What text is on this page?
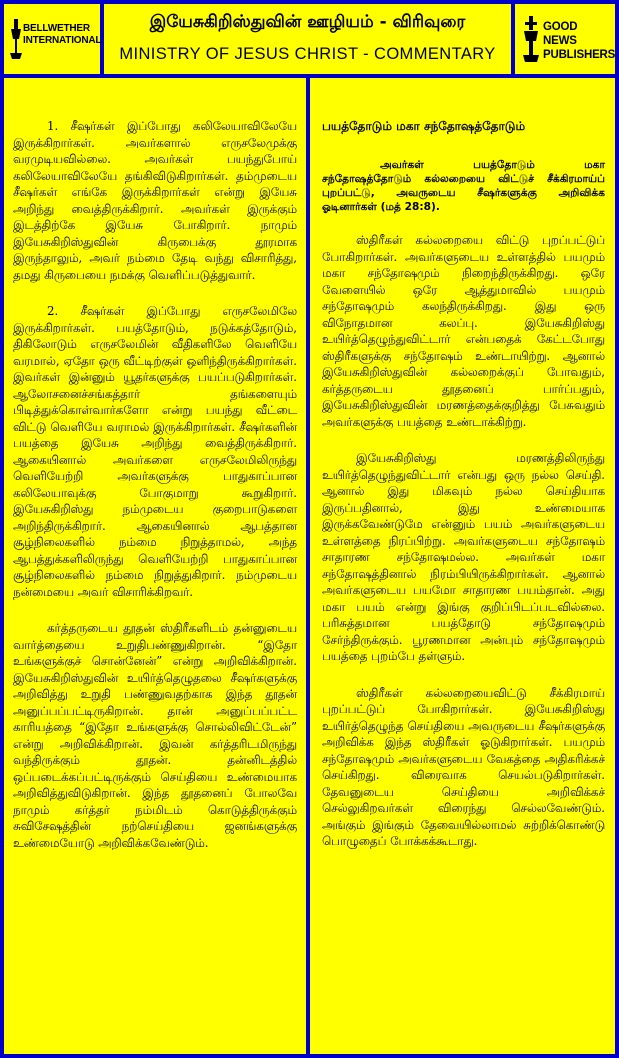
BELLWETHER INTERNATIONAL
இயேசுகிறிஸ்துவின் ஊழியம் - விரிவுரை
MINISTRY OF JESUS CHRIST - COMMENTARY
GOOD NEWS PUBLISHERS

1. சீஷர்கள் இப்போது கலிலேயாவிலேயே இருக்கிறார்கள். அவர்களால் எருசலேமுக்கு வரமுடியவில்லை. அவர்கள் பயந்துபோய் கலிலேயாவிலேயே தங்கிவிடுகிறார்கள். தம்முடைய சீஷர்கள் எங்கே இருக்கிறார்கள் என்று இயேசு அறிந்து வைத்திருக்கிறார். அவர்கள் இருக்கும் இடத்திற்கே இயேசு போகிறார். நாமும் இயேசுகிறிஸ்துவின் கிருபைக்கு தூரமாக இருந்தாலும், அவர் நம்மை தேடி வந்து விசாரித்து, தமது கிருபையை நமக்கு வெளிப்படுத்துவார்.

2. சீஷர்கள் இப்போது எருசலேமிலே இருக்கிறார்கள். பயத்தோடும், நடுக்கத்தோடும், திகிலோடும் எருசலேமின் வீதிகளிலே வெளியே வரமால், ஏதோ ஒரு வீட்டிற்குள் ஒளிந்திருக்கிறார்கள். இவர்கள் இன்னும் யூதர்களுக்கு பயப்படுகிறார்கள். ஆலோசனைச்சங்கத்தார் தங்களையும் பிடித்துக்கொள்வார்களோ என்று பயந்து வீட்டை விட்டு வெளியே வராமல் இருக்கிறார்கள். சீஷர்களின் பயத்தை இயேசு அறிந்து வைத்திருக்கிறார். ஆகையினால் அவர்களை எருசலேமிலிருந்து வெளியேற்றி அவர்களுக்கு பாதுகாப்பான கலிலேயாவுக்கு போகுமாறு கூறுகிறார். இயேசுகிறிஸ்து நம்முடைய குறைபாடுகளை அறிந்திருக்கிறார். ஆகையினால் ஆபத்தான சூழ்நிலைகளில் நம்மை நிறுத்தாமல், அந்த ஆபத்துக்களிலிருந்து வெளியேற்றி பாதுகாப்பான சூழ்நிலைகளில் நம்மை நிறுத்துகிறார். நம்முடைய நன்மையை அவர் விசாரிக்கிறவர்.

கர்த்தருடைய தூதன் ஸ்திரீகளிடம் தன்னுடைய வார்த்தையை உறுதிபண்ணுகிறான். “இதோ உங்களுக்குச் சொன்னேன்” என்று அறிவிக்கிறான். இயேசுகிறிஸ்துவின் உயிர்த்தெழுதலை சீஷர்களுக்கு அறிவித்து உறுதி பண்ணுவதற்காக இந்த தூதன் அனுப்பப்பட்டிருகிறான். தான் அனுப்பப்பட்ட காரியத்தை “இதோ உங்களுக்கு சொல்லிவிட்டேன்” என்று அறிவிக்கிறான். இவன் கர்த்தரிடமிருந்து வந்திருக்கும் தூதன். தன்னிடத்தில் ஒப்படைக்கப்பட்டிருக்கும் செய்தியை உண்மையாக அறிவித்துவிடுகிறான். இந்த தூதனைப் போலவே நாமும் கர்த்தர் நம்மிடம் கொடுத்திருக்கும் சுவிசேஷத்தின் நற்செய்தியை ஜனங்களுக்கு உண்மையோடு அறிவிக்கவேண்டும்.

பயத்தோடும் மகா சந்தோஷத்தோடும்

அவர்கள் பயத்தோடும் மகா சந்தோஷத்தோடும் கல்லறையை விட்டுச் சீக்கிரமாய்ப் புறப்பட்டு, அவருடைய சீஷர்களுக்கு அறிவிக்க ஓடினார்கள் (மத் 28:8).

ஸ்திரீகள் கல்லறையை விட்டு புறப்பட்டுப் போகிறார்கள். அவர்களுடைய உள்ளத்தில் பயமும் மகா சந்தோஷமும் நிறைந்திருக்கிறது. ஒரே வேளையில் ஒரே ஆத்துமாவில் பயமும் சந்தோஷமும் கலந்திருக்கிறது. இது ஒரு விநோதமான கலப்பு. இயேசுகிறிஸ்து உயிர்த்தெழுந்துவிட்டார் என்பதைக் கேட்டபோது ஸ்திரீகளுக்கு சந்தோஷம் உண்டாயிற்று. ஆனால் இயேசுகிறிஸ்துவின் கல்லறைக்குப் போவதும், கர்த்தருடைய தூதனைப் பார்ப்பதும், இயேசுகிறிஸ்துவின் மரணத்தைக்குறித்து பேசுவதும் அவர்களுக்கு பயத்தை உண்டாக்கிற்று.

இயேசுகிறிஸ்து மரணத்திலிருந்து உயிர்த்தெழுந்துவிட்டார் என்பது ஒரு நல்ல செய்தி. ஆனால் இது மிகவும் நல்ல செய்தியாக இருப்பதினால், இது உண்மையாக இருக்கவேண்டுமே என்னும் பயம் அவர்களுடைய உள்ளத்தை நிரப்பிற்று. அவர்களுடைய சந்தோஷம் சாதாரண சந்தோஷமல்ல. அவர்கள் மகா சந்தோஷத்தினால் நிரம்பியிருக்கிறார்கள். ஆனால் அவர்களுடைய பயமோ சாதாரண பயம்தான். அது மகா பயம் என்று இங்கு குறிப்பிடப்படவில்லை. பரிசுத்தமான பயத்தோடு சந்தோஷமும் சேர்ந்திருக்கும். பூரணமான அன்பும் சந்தோஷமும் பயத்தை புறம்பே தள்ளும்.

ஸ்திரீகள் கல்லறையைவிட்டு சீக்கிரமாய் புறப்பட்டுப் போகிறார்கள். இயேசுகிறிஸ்து உயிர்த்தெழுந்த செய்தியை அவருடைய சீஷர்களுக்கு அறிவிக்க இந்த ஸ்திரீகள் ஓடுகிறார்கள். பயமும் சந்தோஷமும் அவர்களுடைய வேகத்தை அதிகரிக்கச் செய்கிறது. விரைவாக செயல்படுகிறார்கள். தேவனுடைய செய்தியை அறிவிக்கச் செல்லுகிறவர்கள் விரைந்து செல்லவேண்டும். அங்கும் இங்கும் தேவையில்லாமல் சுற்றிக்கொண்டு பொழுதைப் போக்கக்கூடாது.
